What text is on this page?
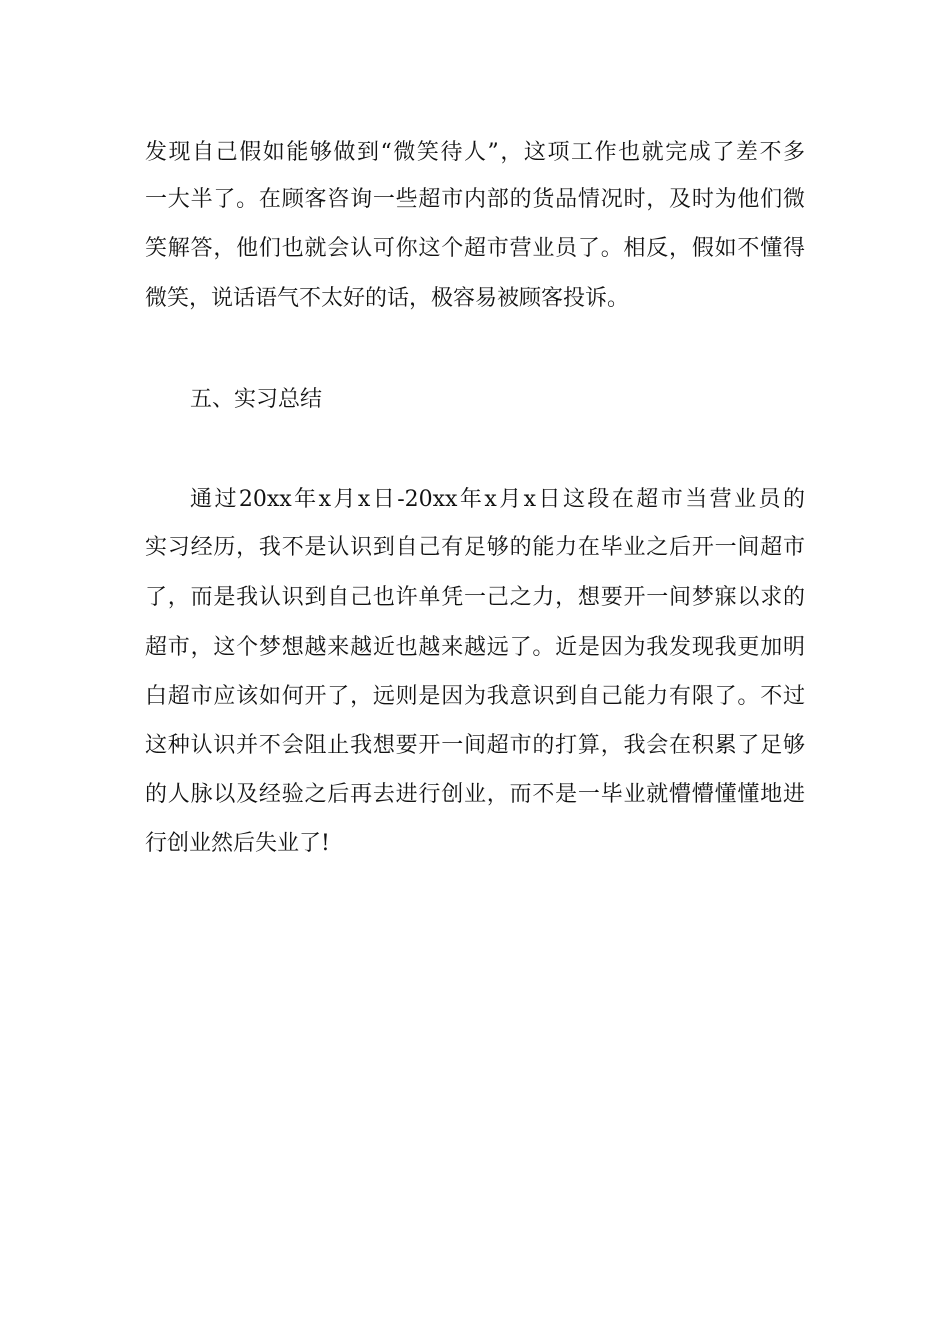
发现自己假如能够做到“微笑待人”，这项工作也就完成了差不多
一大半了。在顾客咨询一些超市内部的货品情况时，及时为他们微
笑解答，他们也就会认可你这个超市营业员了。相反，假如不懂得
微笑，说话语气不太好的话，极容易被顾客投诉。
五、实习总结
通过20xx年x月x日-20xx年x月x日这段在超市当营业员的
实习经历，我不是认识到自己有足够的能力在毕业之后开一间超市
了，而是我认识到自己也许单凭一己之力，想要开一间梦寐以求的
超市，这个梦想越来越近也越来越远了。近是因为我发现我更加明
白超市应该如何开了，远则是因为我意识到自己能力有限了。不过
这种认识并不会阻止我想要开一间超市的打算，我会在积累了足够
的人脉以及经验之后再去进行创业，而不是一毕业就懵懵懂懂地进
行创业然后失业了!
